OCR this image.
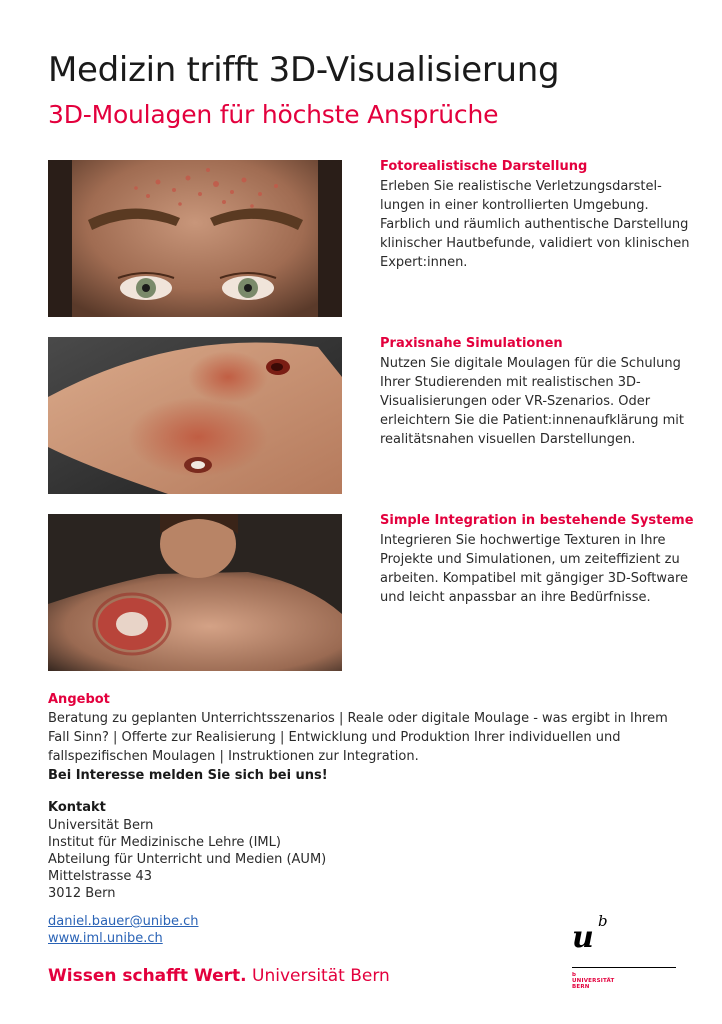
Medizin trifft 3D-Visualisierung
3D-Moulagen für höchste Ansprüche
Fotorealistische Darstellung

Erleben Sie realistische Verletzungsdarstellungen in einer kontrollierten Umgebung. Farblich und räumlich authentische Darstellung klinischer Hautbefunde, validiert von klinischen Expert:innen.

Praxisnahe Simulationen

Nutzen Sie digitale Moulagen für die Schulung Ihrer Studierenden mit realistischen 3D-Visualisierungen oder VR-Szenarios. Oder erleichtern Sie die Patient:innenaufklärung mit realitätsnahen visuellen Darstellungen.

Simple Integration in bestehende Systeme

Integrieren Sie hochwertige Texturen in Ihre Projekte und Simulationen, um zeiteffizient zu arbeiten. Kompatibel mit gängiger 3D-Software und leicht anpassbar an ihre Bedürfnisse.

Angebot

Beratung zu geplanten Unterrichtsszenarios | Reale oder digitale Moulage - was ergibt in Ihrem Fall Sinn? | Offerte zur Realisierung | Entwicklung und Produktion Ihrer individuellen und fallspezifischen Moulagen | Instruktionen zur Integration.

Bei Interesse melden Sie sich bei uns!

Kontakt
Universität Bern
Institut für Medizinische Lehre (IML)
Abteilung für Unterricht und Medien (AUM)
Mittelstrasse 43
3012 Bern
daniel.bauer@unibe.ch
www.iml.unibe.ch
Wissen schafft Wert. Universität Bern
u b
b
UNIVERSITÄT
BERN
